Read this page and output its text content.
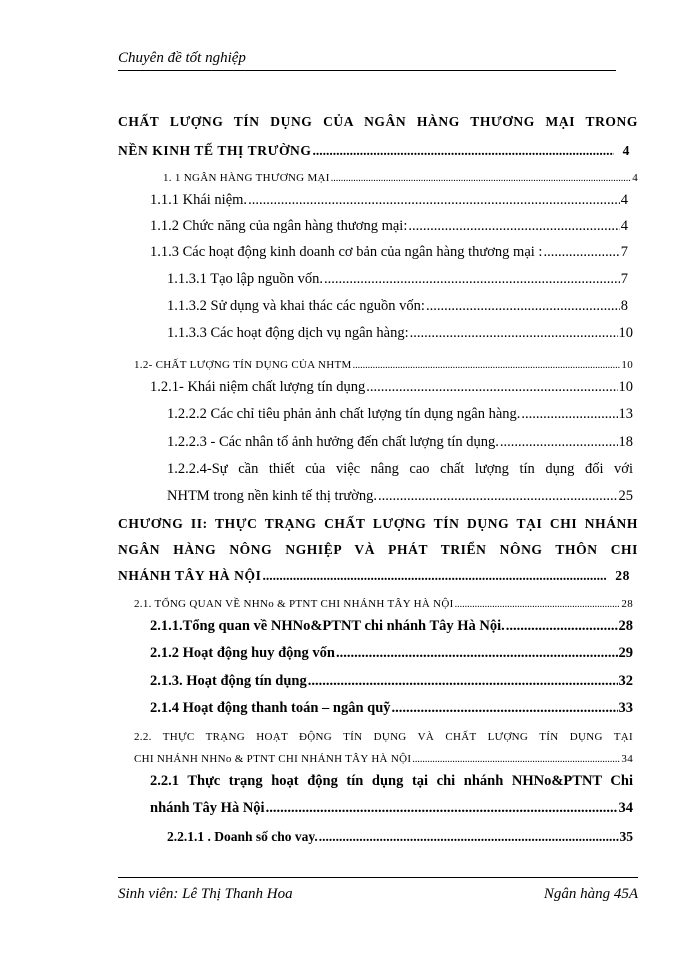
Chuyên đề tốt nghiệp
CHẤT LƯỢNG TÍN DỤNG CỦA NGÂN HÀNG THƯƠNG MẠI TRONG
NỀN KINH TẾ THỊ TRƯỜNG .....	4
1. 1 NGÂN HÀNG THƯƠNG MẠI .....	4
1.1.1 Khái niệm. .....	4
1.1.2 Chức năng của ngân hàng thương mại: .....	4
1.1.3 Các hoạt động kinh doanh cơ bản của ngân hàng thương mại : .....	7
1.1.3.1 Tạo lập nguồn vốn. .....	7
1.1.3.2 Sử dụng và khai thác các nguồn vốn: .....	8
1.1.3.3 Các hoạt động dịch vụ ngân hàng: .....	10
1.2- CHẤT LƯỢNG TÍN DỤNG CỦA NHTM .....	10
1.2.1- Khái niệm chất lượng tín dụng .....	10
1.2.2.2 Các chỉ tiêu phản ảnh chất lượng tín dụng ngân hàng. .....	13
1.2.2.3 - Các nhân tố ảnh hưởng đến chất lượng tín dụng. .....	18
1.2.2.4-Sự cần thiết của việc nâng cao chất lượng tín dụng đối với
NHTM trong nền kinh tế thị trường. .....	25
CHƯƠNG II: THỰC TRẠNG CHẤT LƯỢNG TÍN DỤNG TẠI CHI NHÁNH
NGÂN HÀNG NÔNG NGHIỆP VÀ PHÁT TRIỂN NÔNG THÔN CHI
NHÁNH TÂY HÀ NỘI .....	28
2.1. TỔNG QUAN VỀ NHNo & PTNT CHI NHÁNH TÂY HÀ NỘI .....	28
2.1.1.Tổng quan về NHNo&PTNT chi nhánh Tây Hà Nội. .....	28
2.1.2 Hoạt động huy động vốn .....	29
2.1.3. Hoạt động tín dụng .....	32
2.1.4 Hoạt động thanh toán – ngân quỹ .....	33
2.2. THỰC TRẠNG HOẠT ĐỘNG TÍN DỤNG VÀ CHẤT LƯỢNG TÍN DỤNG TẠI
CHI NHÁNH NHNo & PTNT CHI NHÁNH TÂY HÀ NỘI .....	34
2.2.1 Thực trạng hoạt động tín dụng tại chi nhánh NHNo&PTNT Chi
nhánh Tây Hà Nội .....	34
2.2.1.1 . Doanh số cho vay. .....	35
Sinh viên: Lê Thị Thanh Hoa	Ngân hàng 45A
